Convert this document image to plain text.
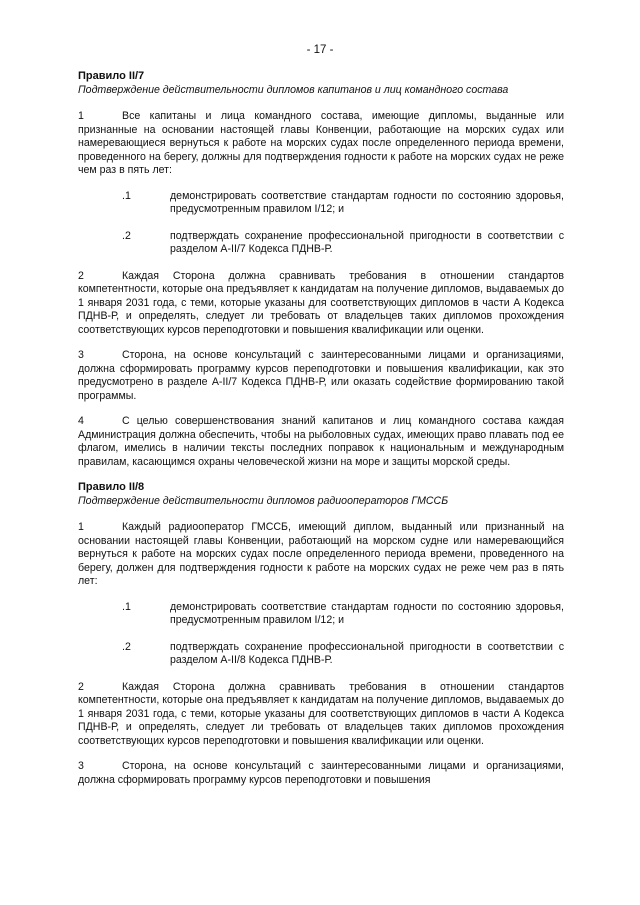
- 17 -

Правило II/7

Подтверждение действительности дипломов капитанов и лиц командного состава

1	Все капитаны и лица командного состава, имеющие дипломы, выданные или признанные на основании настоящей главы Конвенции, работающие на морских судах или намеревающиеся вернуться к работе на морских судах после определенного периода времени, проведенного на берегу, должны для подтверждения годности к работе на морских судах не реже чем раз в пять лет:

.1	демонстрировать соответствие стандартам годности по состоянию здоровья, предусмотренным правилом I/12; и

.2	подтверждать сохранение профессиональной пригодности в соответствии с разделом A-II/7 Кодекса ПДНВ-Р.

2	Каждая Сторона должна сравнивать требования в отношении стандартов компетентности, которые она предъявляет к кандидатам на получение дипломов, выдаваемых до 1 января 2031 года, с теми, которые указаны для соответствующих дипломов в части А Кодекса ПДНВ-Р, и определять, следует ли требовать от владельцев таких дипломов прохождения соответствующих курсов переподготовки и повышения квалификации или оценки.

3	Сторона, на основе консультаций с заинтересованными лицами и организациями, должна сформировать программу курсов переподготовки и повышения квалификации, как это предусмотрено в разделе A-II/7 Кодекса ПДНВ-Р, или оказать содействие формированию такой программы.

4	С целью совершенствования знаний капитанов и лиц командного состава каждая Администрация должна обеспечить, чтобы на рыболовных судах, имеющих право плавать под ее флагом, имелись в наличии тексты последних поправок к национальным и международным правилам, касающимся охраны человеческой жизни на море и защиты морской среды.

Правило II/8

Подтверждение действительности дипломов радиооператоров ГМССБ

1	Каждый радиооператор ГМССБ, имеющий диплом, выданный или признанный на основании настоящей главы Конвенции, работающий на морском судне или намеревающийся вернуться к работе на морских судах после определенного периода времени, проведенного на берегу, должен для подтверждения годности к работе на морских судах не реже чем раз в пять лет:

.1	демонстрировать соответствие стандартам годности по состоянию здоровья, предусмотренным правилом I/12; и

.2	подтверждать сохранение профессиональной пригодности в соответствии с разделом A-II/8 Кодекса ПДНВ-Р.

2	Каждая Сторона должна сравнивать требования в отношении стандартов компетентности, которые она предъявляет к кандидатам на получение дипломов, выдаваемых до 1 января 2031 года, с теми, которые указаны для соответствующих дипломов в части А Кодекса ПДНВ-Р, и определять, следует ли требовать от владельцев таких дипломов прохождения соответствующих курсов переподготовки и повышения квалификации или оценки.

3	Сторона, на основе консультаций с заинтересованными лицами и организациями, должна сформировать программу курсов переподготовки и повышения
